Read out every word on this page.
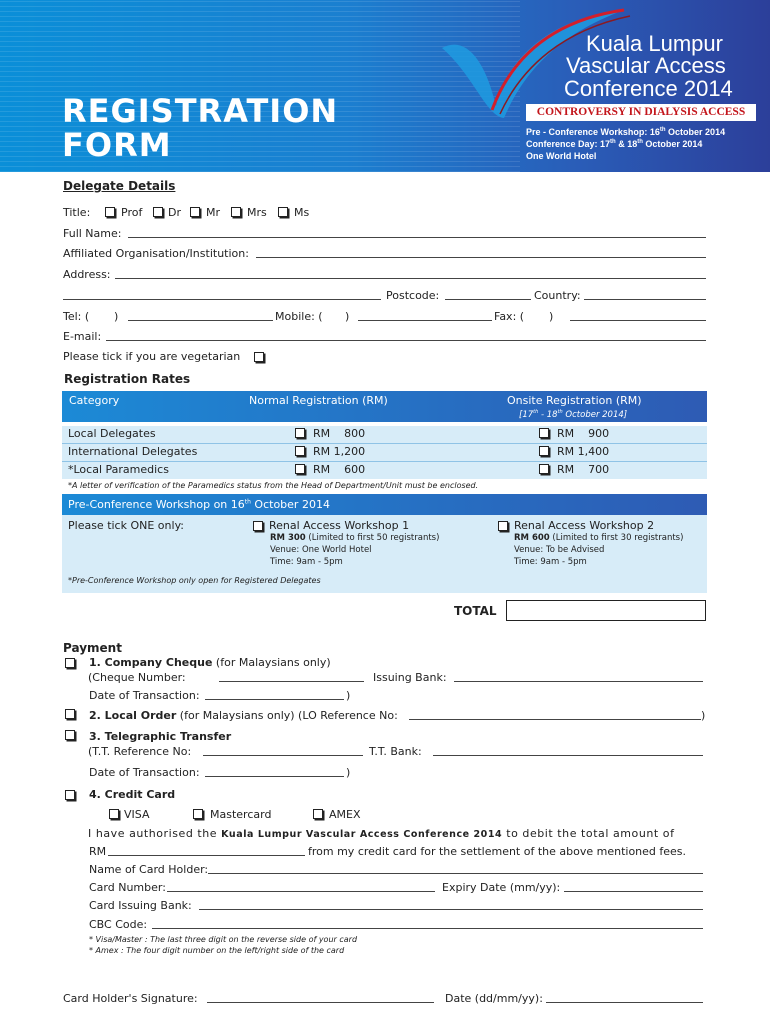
REGISTRATION
FORM
Kuala Lumpur
Vascular Access
Conference 2014
CONTROVERSY IN DIALYSIS ACCESS
Pre - Conference Workshop: 16th October 2014
Conference Day: 17th & 18th October 2014
One World Hotel
Delegate Details
Title:	Prof Dr Mr Mrs Ms
Full Name:
Affiliated Organisation/Institution:
Address:
Postcode:	Country:
Tel: ( )	Mobile: ( )	Fax: ( )
E-mail:
Please tick if you are vegetarian
Registration Rates
Category	Normal Registration (RM)	Onsite Registration (RM)
[17th - 18th October 2014]
Local Delegates	RM    800	RM    900
International Delegates	RM 1,200	RM 1,400
*Local Paramedics	RM    600	RM    700
*A letter of verification of the Paramedics status from the Head of Department/Unit must be enclosed.
Pre-Conference Workshop on 16th October 2014
Please tick ONE only:	Renal Access Workshop 1
RM 300 (Limited to first 50 registrants)
Venue: One World Hotel
Time: 9am - 5pm
Renal Access Workshop 2
RM 600 (Limited to first 30 registrants)
Venue: To be Advised
Time: 9am - 5pm
*Pre-Conference Workshop only open for Registered Delegates
TOTAL
Payment
1. Company Cheque (for Malaysians only)
(Cheque Number:	Issuing Bank:
Date of Transaction:	)
2. Local Order (for Malaysians only) (LO Reference No:	)
3. Telegraphic Transfer
(T.T. Reference No:	T.T. Bank:
Date of Transaction:	)
4. Credit Card
VISA	Mastercard	AMEX
I have authorised the Kuala Lumpur Vascular Access Conference 2014 to debit the total amount of
RM	from my credit card for the settlement of the above mentioned fees.
Name of Card Holder:
Card Number:	Expiry Date (mm/yy):
Card Issuing Bank:
CBC Code:
* Visa/Master : The last three digit on the reverse side of your card
* Amex : The four digit number on the left/right side of the card
Card Holder's Signature:	Date (dd/mm/yy):
